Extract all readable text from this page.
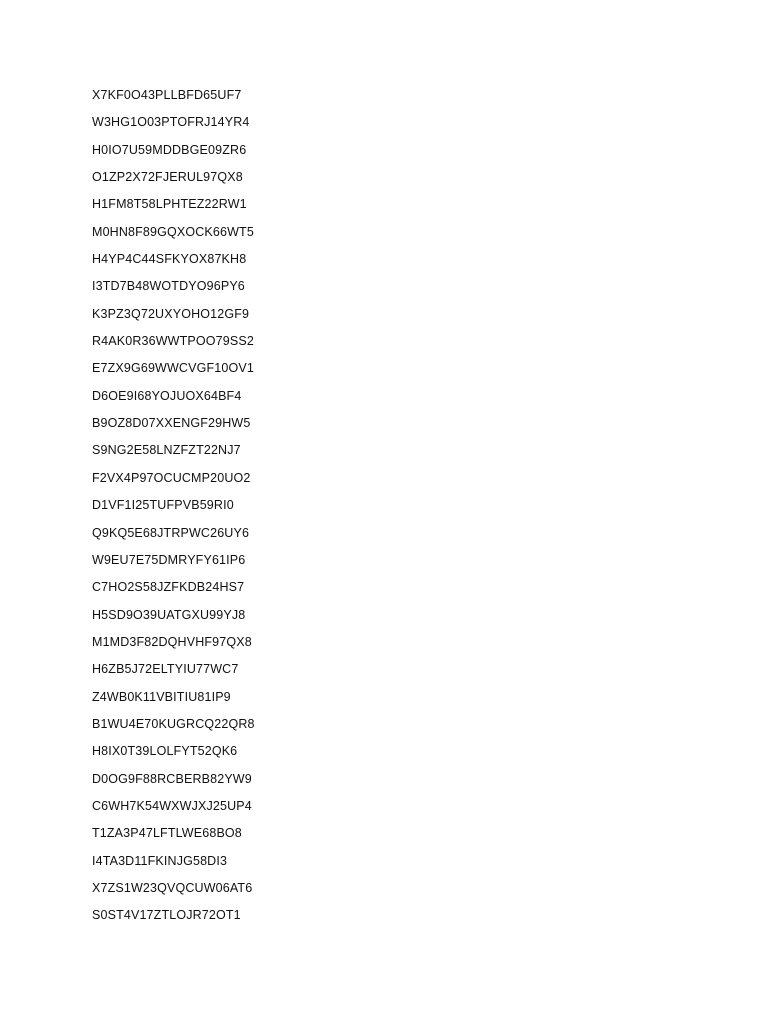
X7KF0O43PLLBFD65UF7
W3HG1O03PTOFRJ14YR4
H0IO7U59MDDBGE09ZR6
O1ZP2X72FJERUL97QX8
H1FM8T58LPHTEZ22RW1
M0HN8F89GQXOCK66WT5
H4YP4C44SFKYOX87KH8
I3TD7B48WOTDYO96PY6
K3PZ3Q72UXYOHO12GF9
R4AK0R36WWTPOO79SS2
E7ZX9G69WWCVGF10OV1
D6OE9I68YOJUOX64BF4
B9OZ8D07XXENGF29HW5
S9NG2E58LNZFZT22NJ7
F2VX4P97OCUCMP20UO2
D1VF1I25TUFPVB59RI0
Q9KQ5E68JTRPWC26UY6
W9EU7E75DMRYFY61IP6
C7HO2S58JZFKDB24HS7
H5SD9O39UATGXU99YJ8
M1MD3F82DQHVHF97QX8
H6ZB5J72ELTYIU77WC7
Z4WB0K11VBITIU81IP9
B1WU4E70KUGRCQ22QR8
H8IX0T39LOLFYT52QK6
D0OG9F88RCBERB82YW9
C6WH7K54WXWJXJ25UP4
T1ZA3P47LFTLWE68BO8
I4TA3D11FKINJG58DI3
X7ZS1W23QVQCUW06AT6
S0ST4V17ZTLOJR72OT1
